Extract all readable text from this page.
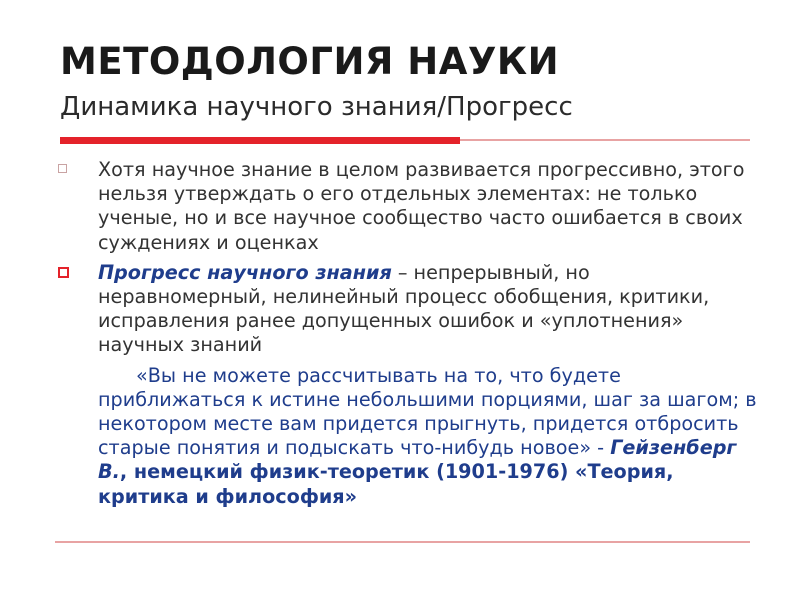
МЕТОДОЛОГИЯ НАУКИ
Динамика научного знания/Прогресс
Хотя научное знание в целом развивается прогрессивно, этого нельзя утверждать о его отдельных элементах: не только ученые, но и все научное сообщество часто ошибается в своих суждениях и оценках
Прогресс научного знания – непрерывный, но неравномерный, нелинейный процесс обобщения, критики, исправления ранее допущенных ошибок и «уплотнения» научных знаний
«Вы не можете рассчитывать на то, что будете приближаться к истине небольшими порциями, шаг за шагом; в некотором месте вам придется прыгнуть, придется отбросить старые понятия и подыскать что-нибудь новое» - Гейзенберг В., немецкий физик-теоретик (1901-1976) «Теория, критика и философия»
